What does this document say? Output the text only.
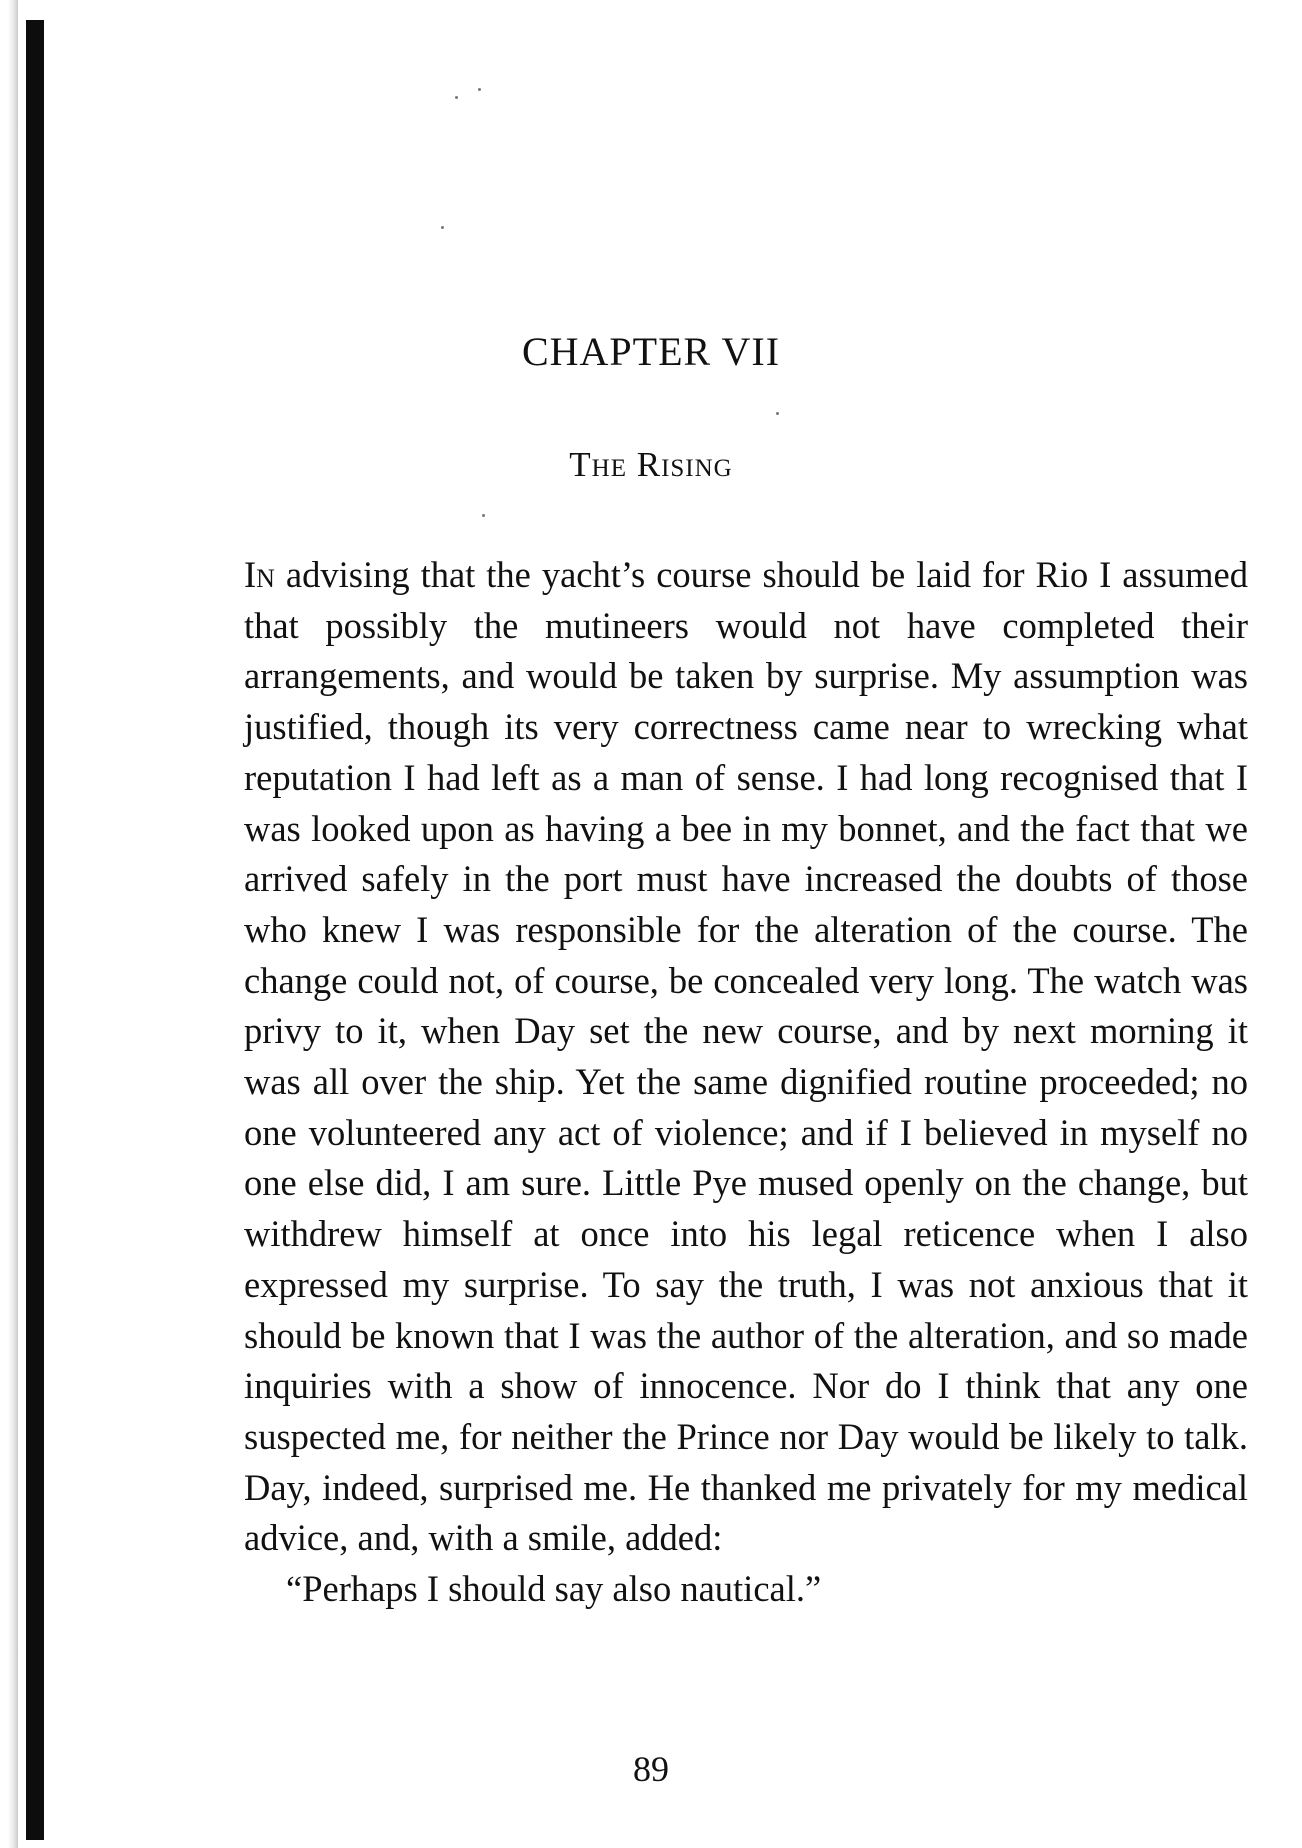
CHAPTER VII
The Rising

In advising that the yacht’s course should be laid for Rio I assumed that possibly the mutineers would not have completed their arrangements, and would be taken by surprise. My assumption was justified, though its very correctness came near to wrecking what reputation I had left as a man of sense. I had long recognised that I was looked upon as having a bee in my bonnet, and the fact that we arrived safely in the port must have increased the doubts of those who knew I was responsible for the alteration of the course. The change could not, of course, be concealed very long. The watch was privy to it, when Day set the new course, and by next morning it was all over the ship. Yet the same dignified routine proceeded; no one volunteered any act of violence; and if I believed in myself no one else did, I am sure. Little Pye mused openly on the change, but withdrew himself at once into his legal reticence when I also expressed my surprise. To say the truth, I was not anxious that it should be known that I was the author of the alteration, and so made inquiries with a show of innocence. Nor do I think that any one suspected me, for neither the Prince nor Day would be likely to talk. Day, indeed, surprised me. He thanked me privately for my medical advice, and, with a smile, added:

“Perhaps I should say also nautical.”

89
